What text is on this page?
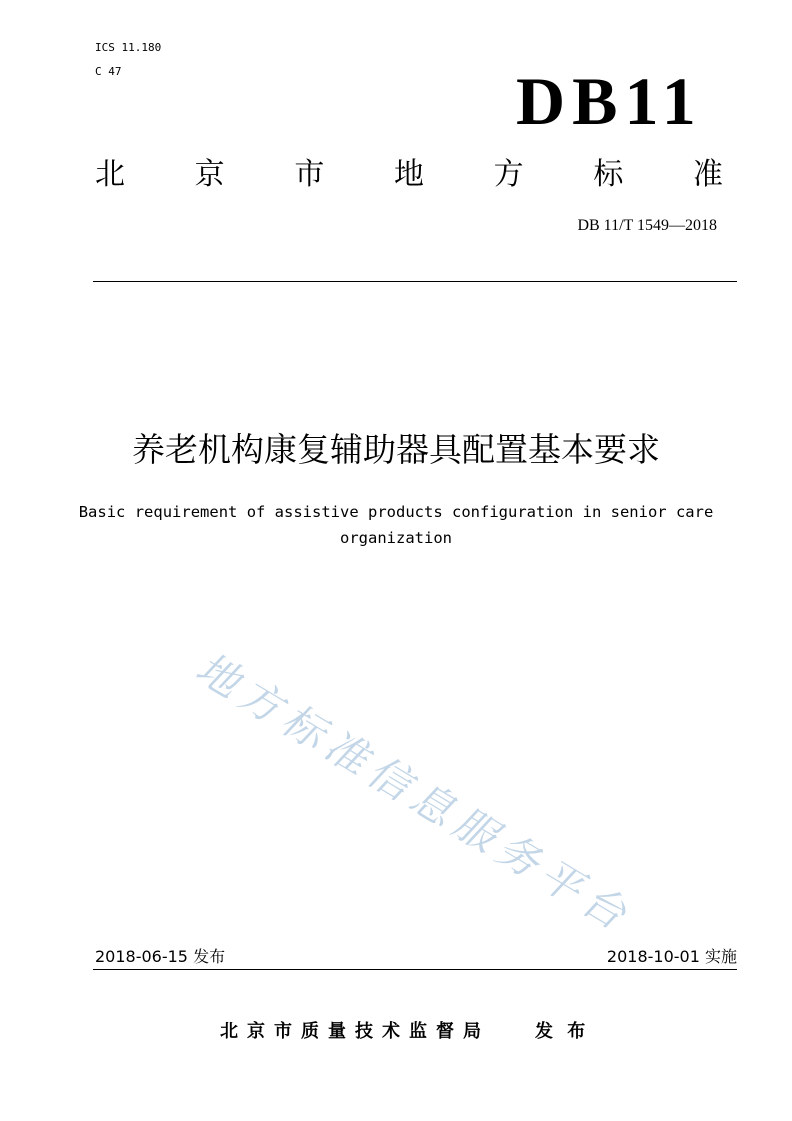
ICS 11.180
C 47	DB11
北 京 市 地 方 标 准
DB 11/T 1549—2018
养老机构康复辅助器具配置基本要求
Basic requirement of assistive products configuration in senior care organization
地方标准信息服务平台
2018-06-15 发布	2018-10-01 实施
北京市质量技术监督局	发 布
